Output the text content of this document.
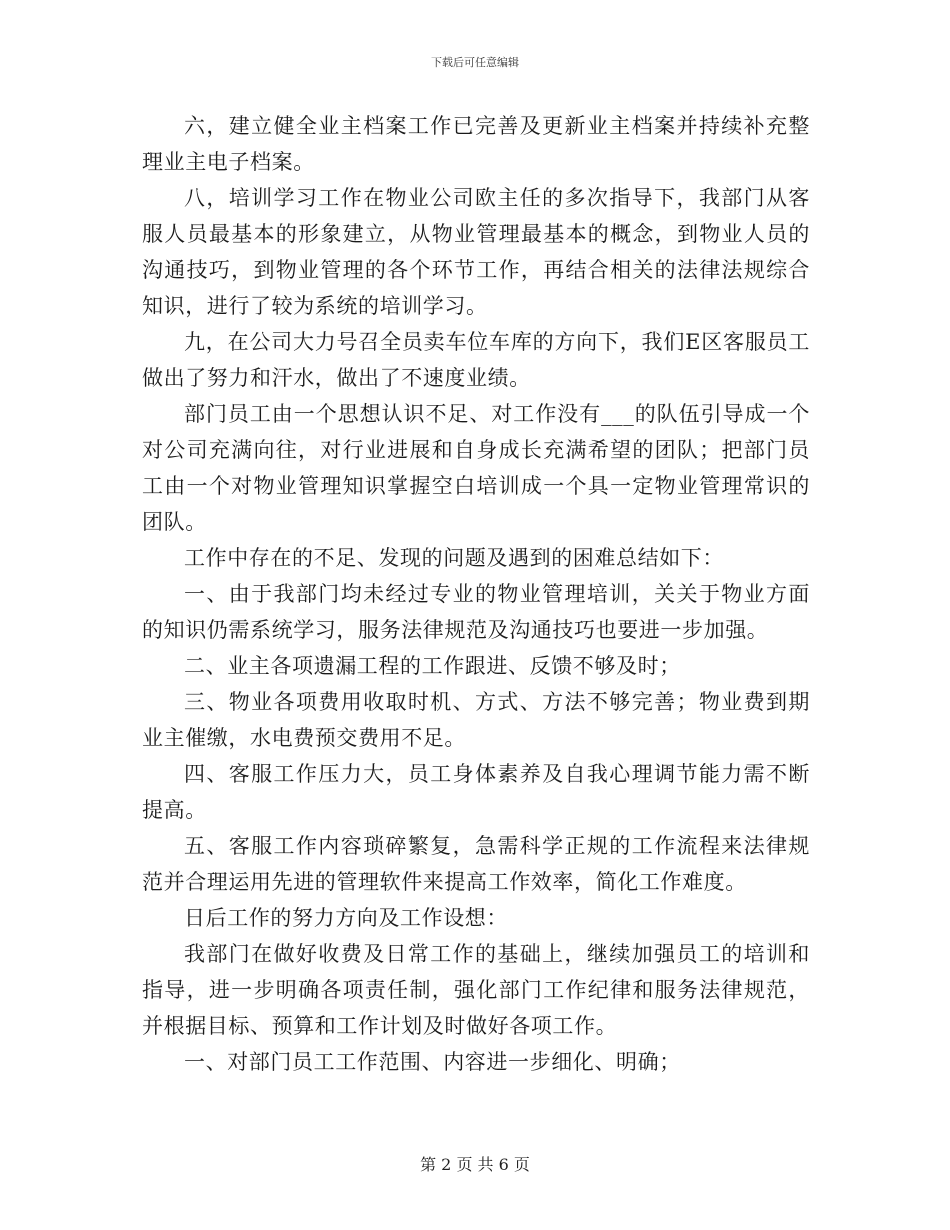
下载后可任意编辑

六，建立健全业主档案工作已完善及更新业主档案并持续补充整理业主电子档案。

八，培训学习工作在物业公司欧主任的多次指导下，我部门从客服人员最基本的形象建立，从物业管理最基本的概念，到物业人员的沟通技巧，到物业管理的各个环节工作，再结合相关的法律法规综合知识，进行了较为系统的培训学习。

九，在公司大力号召全员卖车位车库的方向下，我们E区客服员工做出了努力和汗水，做出了不速度业绩。

部门员工由一个思想认识不足、对工作没有___的队伍引导成一个对公司充满向往，对行业进展和自身成长充满希望的团队；把部门员工由一个对物业管理知识掌握空白培训成一个具一定物业管理常识的团队。

工作中存在的不足、发现的问题及遇到的困难总结如下：

一、由于我部门均未经过专业的物业管理培训，关关于物业方面的知识仍需系统学习，服务法律规范及沟通技巧也要进一步加强。

二、业主各项遗漏工程的工作跟进、反馈不够及时；

三、物业各项费用收取时机、方式、方法不够完善；物业费到期业主催缴，水电费预交费用不足。

四、客服工作压力大，员工身体素养及自我心理调节能力需不断提高。

五、客服工作内容琐碎繁复，急需科学正规的工作流程来法律规范并合理运用先进的管理软件来提高工作效率，简化工作难度。

日后工作的努力方向及工作设想：

我部门在做好收费及日常工作的基础上，继续加强员工的培训和指导，进一步明确各项责任制，强化部门工作纪律和服务法律规范，并根据目标、预算和工作计划及时做好各项工作。

一、对部门员工工作范围、内容进一步细化、明确；

第 2 页 共 6 页
